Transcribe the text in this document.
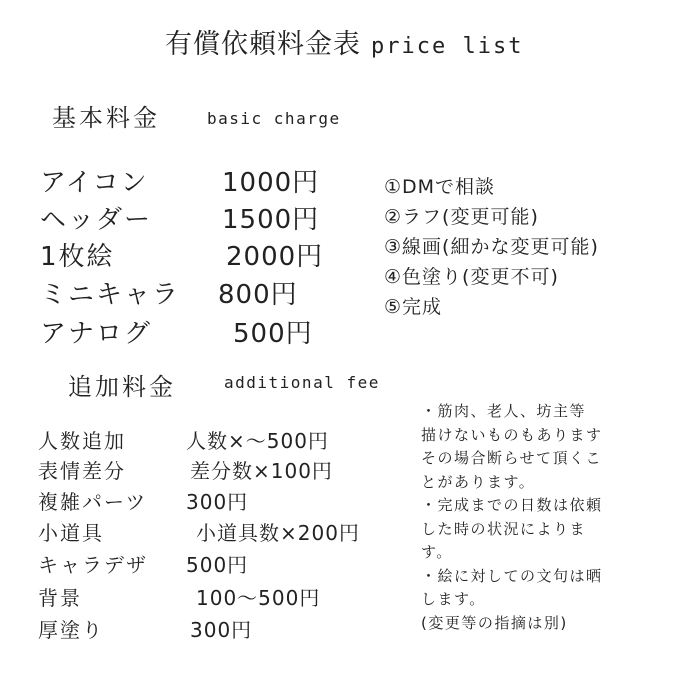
有償依頼料金表 price list
基本料金	basic charge
アイコン	1000円
ヘッダー	1500円
1枚絵	2000円
ミニキャラ 800円
アナログ	500円
①DMで相談
②ラフ(変更可能)
③線画(細かな変更可能)
④色塗り(変更不可)
⑤完成
追加料金	additional fee
人数追加	人数×～500円
表情差分	差分数×100円
複雑パーツ 300円
小道具	小道具数×200円
キャラデザ 500円
背景	100～500円
厚塗り	300円
・筋肉、老人、坊主等
描けないものもあります
その場合断らせて頂くこ
とがあります。
・完成までの日数は依頼
した時の状況によりま
す。
・絵に対しての文句は晒
します。
(変更等の指摘は別)
